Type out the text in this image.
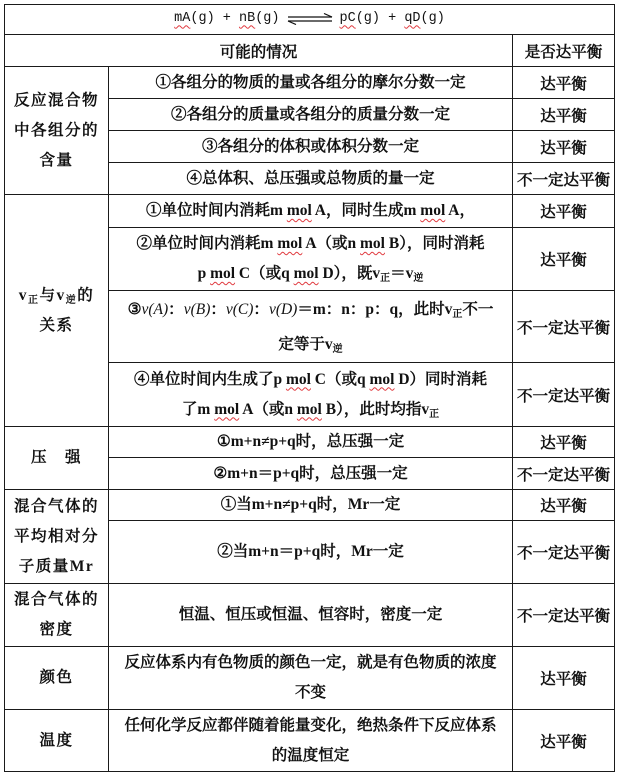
mA(g) + nB(g) ⇌ pC(g) + qD(g)		

可能的情况		是否达平衡

反应混合物
中各组分的
含量	①各组分的物质的量或各组分的摩尔分数一定	达平衡

	②各组分的质量或各组分的质量分数一定	达平衡

	③各组分的体积或体积分数一定	达平衡

	④总体积、总压强或总物质的量一定	不一定达平衡

$v_正$与$v_逆$的
关系	①单位时间内消耗m mol A，同时生成m mol A，	达平衡

	②单位时间内消耗m mol A（或n mol B），同时消耗
p mol C（或q mol D），既$v_正=v_逆$	达平衡

	③v(A)：v(B)：v(C)：v(D)＝m：n：p：q，此时$v_正$不一
定等于$v_逆$	不一定达平衡

	④单位时间内生成了p mol C（或q mol D）同时消耗
了m mol A（或n mol B），此时均指$v_正$	不一定达平衡

压　强	①m+n≠p+q时，总压强一定	达平衡

	②m+n＝p+q时，总压强一定	不一定达平衡

混合气体的
平均相对分
子质量Mr	①当m+n≠p+q时，Mr一定	达平衡

	②当m+n＝p+q时，Mr一定	不一定达平衡

混合气体的
密度	恒温、恒压或恒温、恒容时，密度一定	不一定达平衡

颜色	反应体系内有色物质的颜色一定，就是有色物质的浓度
不变	达平衡

温度	任何化学反应都伴随着能量变化，绝热条件下反应体系
的温度恒定	达平衡
